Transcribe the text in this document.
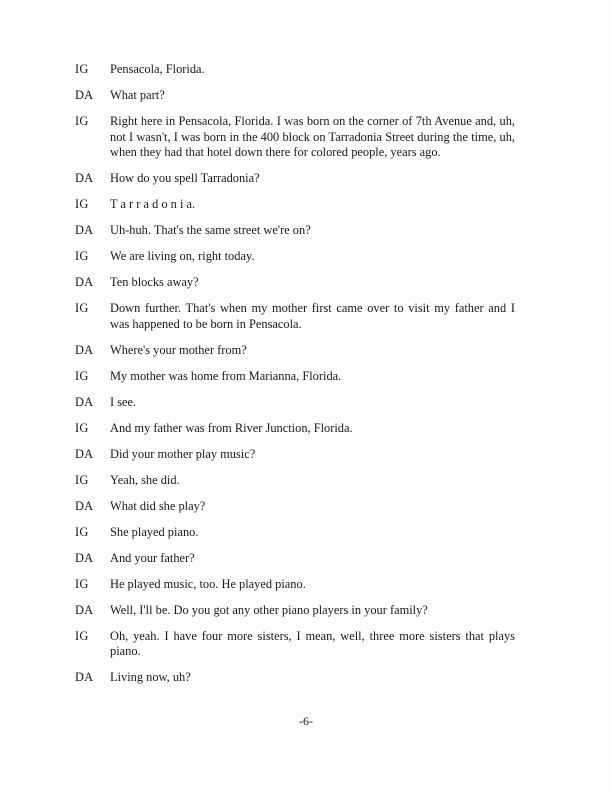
IG	Pensacola, Florida.
DA	What part?
IG	Right here in Pensacola, Florida. I was born on the corner of 7th Avenue and, uh, not I wasn't, I was born in the 400 block on Tarradonia Street during the time, uh, when they had that hotel down there for colored people, years ago.
DA	How do you spell Tarradonia?
IG	T a r r a d o n i a.
DA	Uh-huh. That's the same street we're on?
IG	We are living on, right today.
DA	Ten blocks away?
IG	Down further. That's when my mother first came over to visit my father and I was happened to be born in Pensacola.
DA	Where's your mother from?
IG	My mother was home from Marianna, Florida.
DA	I see.
IG	And my father was from River Junction, Florida.
DA	Did your mother play music?
IG	Yeah, she did.
DA	What did she play?
IG	She played piano.
DA	And your father?
IG	He played music, too. He played piano.
DA	Well, I'll be. Do you got any other piano players in your family?
IG	Oh, yeah. I have four more sisters, I mean, well, three more sisters that plays piano.
DA	Living now, uh?
-6-
